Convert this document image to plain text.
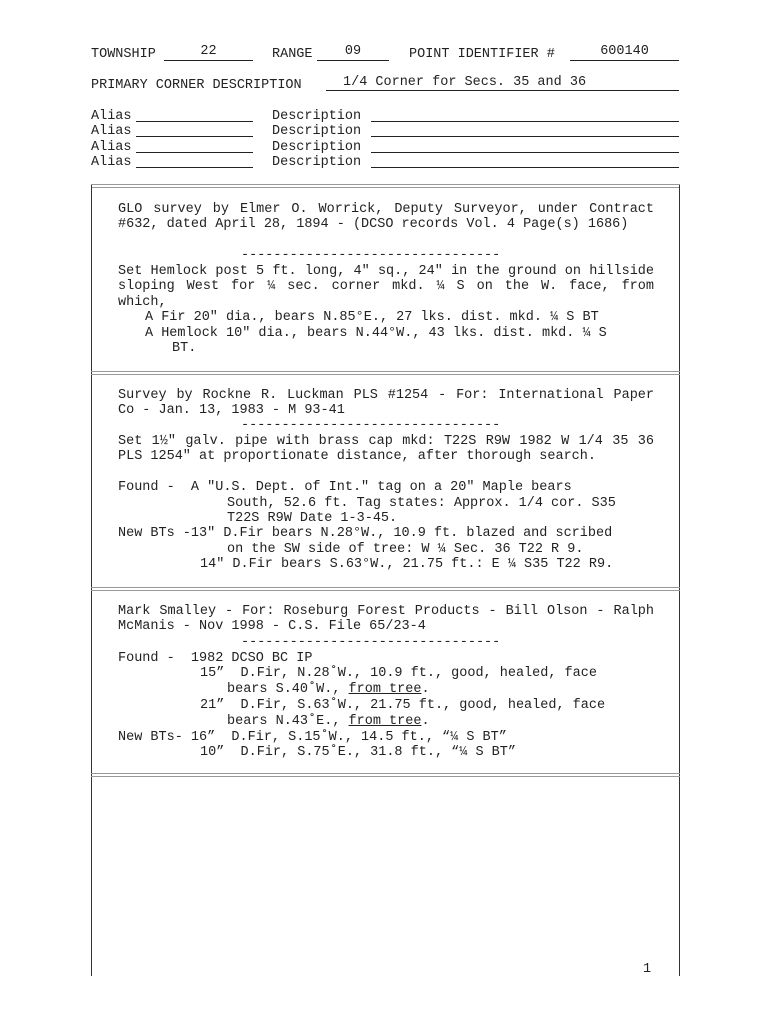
TOWNSHIP	22	RANGE	09	POINT IDENTIFIER #	600140
PRIMARY CORNER DESCRIPTION	1/4 Corner for Secs. 35 and 36
Alias	Description
Alias	Description
Alias	Description
Alias	Description
GLO survey by Elmer O. Worrick, Deputy Surveyor, under Contract #632, dated April 28, 1894 - (DCSO records Vol. 4 Page(s) 1686)
--------------------------------
Set Hemlock post 5 ft. long, 4" sq., 24" in the ground on hillside sloping West for ¼ sec. corner mkd. ¼ S on the W. face, from which,
A Fir 20" dia., bears N.85°E., 27 lks. dist. mkd. ¼ S BT
A Hemlock 10" dia., bears N.44°W., 43 lks. dist. mkd. ¼ S
BT.
Survey by Rockne R. Luckman PLS #1254 - For: International Paper Co - Jan. 13, 1983 - M 93-41
--------------------------------
Set 1½" galv. pipe with brass cap mkd: T22S R9W 1982 W 1/4 35 36 PLS 1254" at proportionate distance, after thorough search.
Found -  A "U.S. Dept. of Int." tag on a 20" Maple bears
South, 52.6 ft. Tag states: Approx. 1/4 cor. S35
T22S R9W Date 1-3-45.
New BTs -13" D.Fir bears N.28°W., 10.9 ft. blazed and scribed
on the SW side of tree: W ¼ Sec. 36 T22 R 9.
14" D.Fir bears S.63°W., 21.75 ft.: E ¼ S35 T22 R9.
Mark Smalley - For: Roseburg Forest Products - Bill Olson - Ralph McManis - Nov 1998 - C.S. File 65/23-4
--------------------------------
Found -  1982 DCSO BC IP
15”  D.Fir, N.28˚W., 10.9 ft., good, healed, face
bears S.40˚W., from tree.
21”  D.Fir, S.63˚W., 21.75 ft., good, healed, face
bears N.43˚E., from tree.
New BTs- 16”  D.Fir, S.15˚W., 14.5 ft., “¼ S BT”
10”  D.Fir, S.75˚E., 31.8 ft., “¼ S BT”
1
